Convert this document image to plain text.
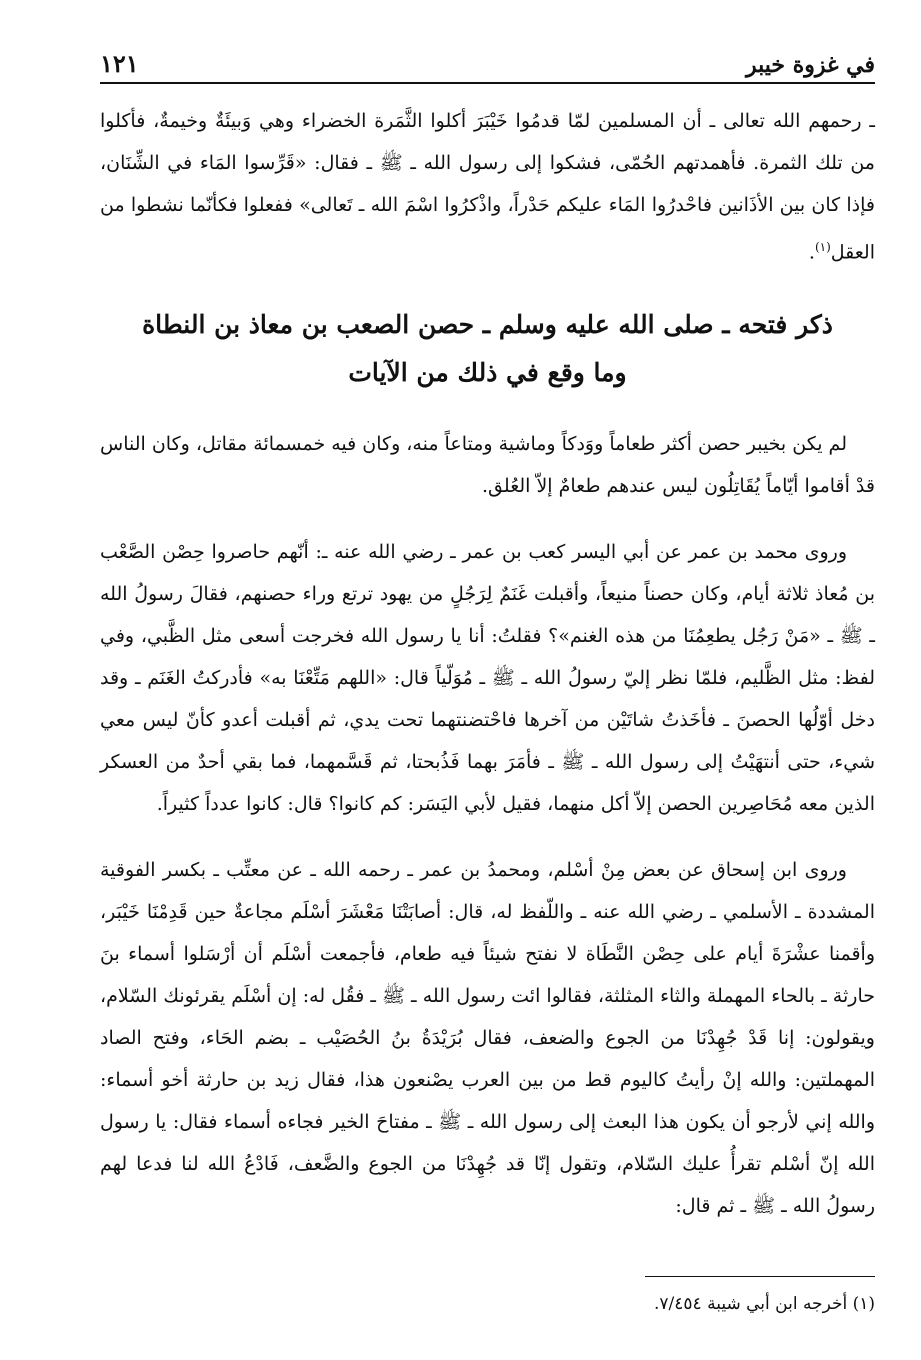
في غزوة خيبر
١٢١

ـ رحمهم الله تعالى ـ أن المسلمين لمّا قدمُوا خَيْبَرَ أكلوا الثَّمَرة الخضراء وهي وَبيئَةٌ وخيمةٌ، فأكلوا من تلك الثمرة. فأهمدتهم الحُمّى، فشكوا إلى رسول الله ـ ﷺ ـ فقال: «قَرِّسوا المَاء في الشِّنَان، فإذا كان بين الأذَانين فاحْدرُوا المَاء عليكم حَدْراً، واذْكرُوا اسْمَ الله ـ تَعالى» ففعلوا فكأنّما نشطوا من العقل$^{(١)}$.

ذكر فتحه ـ صلى الله عليه وسلم ـ حصن الصعب بن معاذ بن النطاة
وما وقع في ذلك من الآيات

لم يكن بخيبر حصن أكثر طعاماً ووَدكاً وماشية ومتاعاً منه، وكان فيه خمسمائة مقاتل، وكان الناس قدْ أقاموا أيّاماً يُقَاتِلُون ليس عندهم طعامٌ إلاّ العُلق.

وروى محمد بن عمر عن أبي اليسر كعب بن عمر ـ رضي الله عنه ـ: أنّهم حاصروا حِصْن الصَّعْب بن مُعاذ ثلاثة أيام، وكان حصناً منيعاً، وأقبلت غَنَمٌ لِرَجُلٍ من يهود ترتع وراء حصنهم، فقالَ رسولُ الله ـ ﷺ ـ «مَنْ رَجُل يطعِمُنَا من هذه الغنم»؟ فقلتُ: أنا يا رسول الله فخرجت أسعى مثل الظَّبي، وفي لفظ: مثل الظَّليم، فلمّا نظر إليّ رسولُ الله ـ ﷺ ـ مُوَلّياً قال: «اللهم مَتِّعْنَا به» فأدركتُ الغَنَم ـ وقد دخل أوّلُها الحصنَ ـ فأخَذتُ شاتَيْن من آخرها فاحْتضنتهما تحت يدي، ثم أقبلت أعدو كأنّ ليس معي شيء، حتى أنتهَيْتُ إلى رسول الله ـ ﷺ ـ فأمَرَ بهما فَذُبحتا، ثم قَسَّمهما، فما بقي أحدٌ من العسكر الذين معه مُحَاصِرين الحصن إلاّ أكل منهما، فقيل لأبي اليَسَر: كم كانوا؟ قال: كانوا عدداً كثيراً.

وروى ابن إسحاق عن بعض مِنْ أسْلم، ومحمدُ بن عمر ـ رحمه الله ـ عن معتِّب ـ بكسر الفوقية المشددة ـ الأسلمي ـ رضي الله عنه ـ واللّفظ له، قال: أصابَتْنَا مَعْشَرَ أسْلَم مجاعةٌ حين قَدِمْنَا خَيْبَر، وأقمنا عشْرَةَ أيام على حِصْن النَّطَاة لا نفتح شيئاً فيه طعام، فأجمعت أسْلَم أن أرْسَلوا أسماء بنَ حارثة ـ بالحاء المهملة والثاء المثلثة، فقالوا ائت رسول الله ـ ﷺ ـ فقُل له: إن أسْلَم يقرئونك السّلام، ويقولون: إنا قَدْ جُهِدْنَا من الجوع والضعف، فقال بُرَيْدَةُ بنُ الحُصَيْب ـ بضم الحَاء، وفتح الصاد المهملتين: والله إنْ رأيتُ كاليوم قط من بين العرب يصْنعون هذا، فقال زيد بن حارثة أخو أسماء: والله إني لأرجو أن يكون هذا البعث إلى رسول الله ـ ﷺ ـ مفتاحَ الخير فجاءه أسماء فقال: يا رسول الله إنّ أسْلم تقرأُ عليك السّلام، وتقول إنّا قد جُهِدْنَا من الجوع والضَّعف، فَادْعُ الله لنا فدعا لهم رسولُ الله ـ ﷺ ـ ثم قال:

(١) أخرجه ابن أبي شيبة ٧/٤٥٤.
